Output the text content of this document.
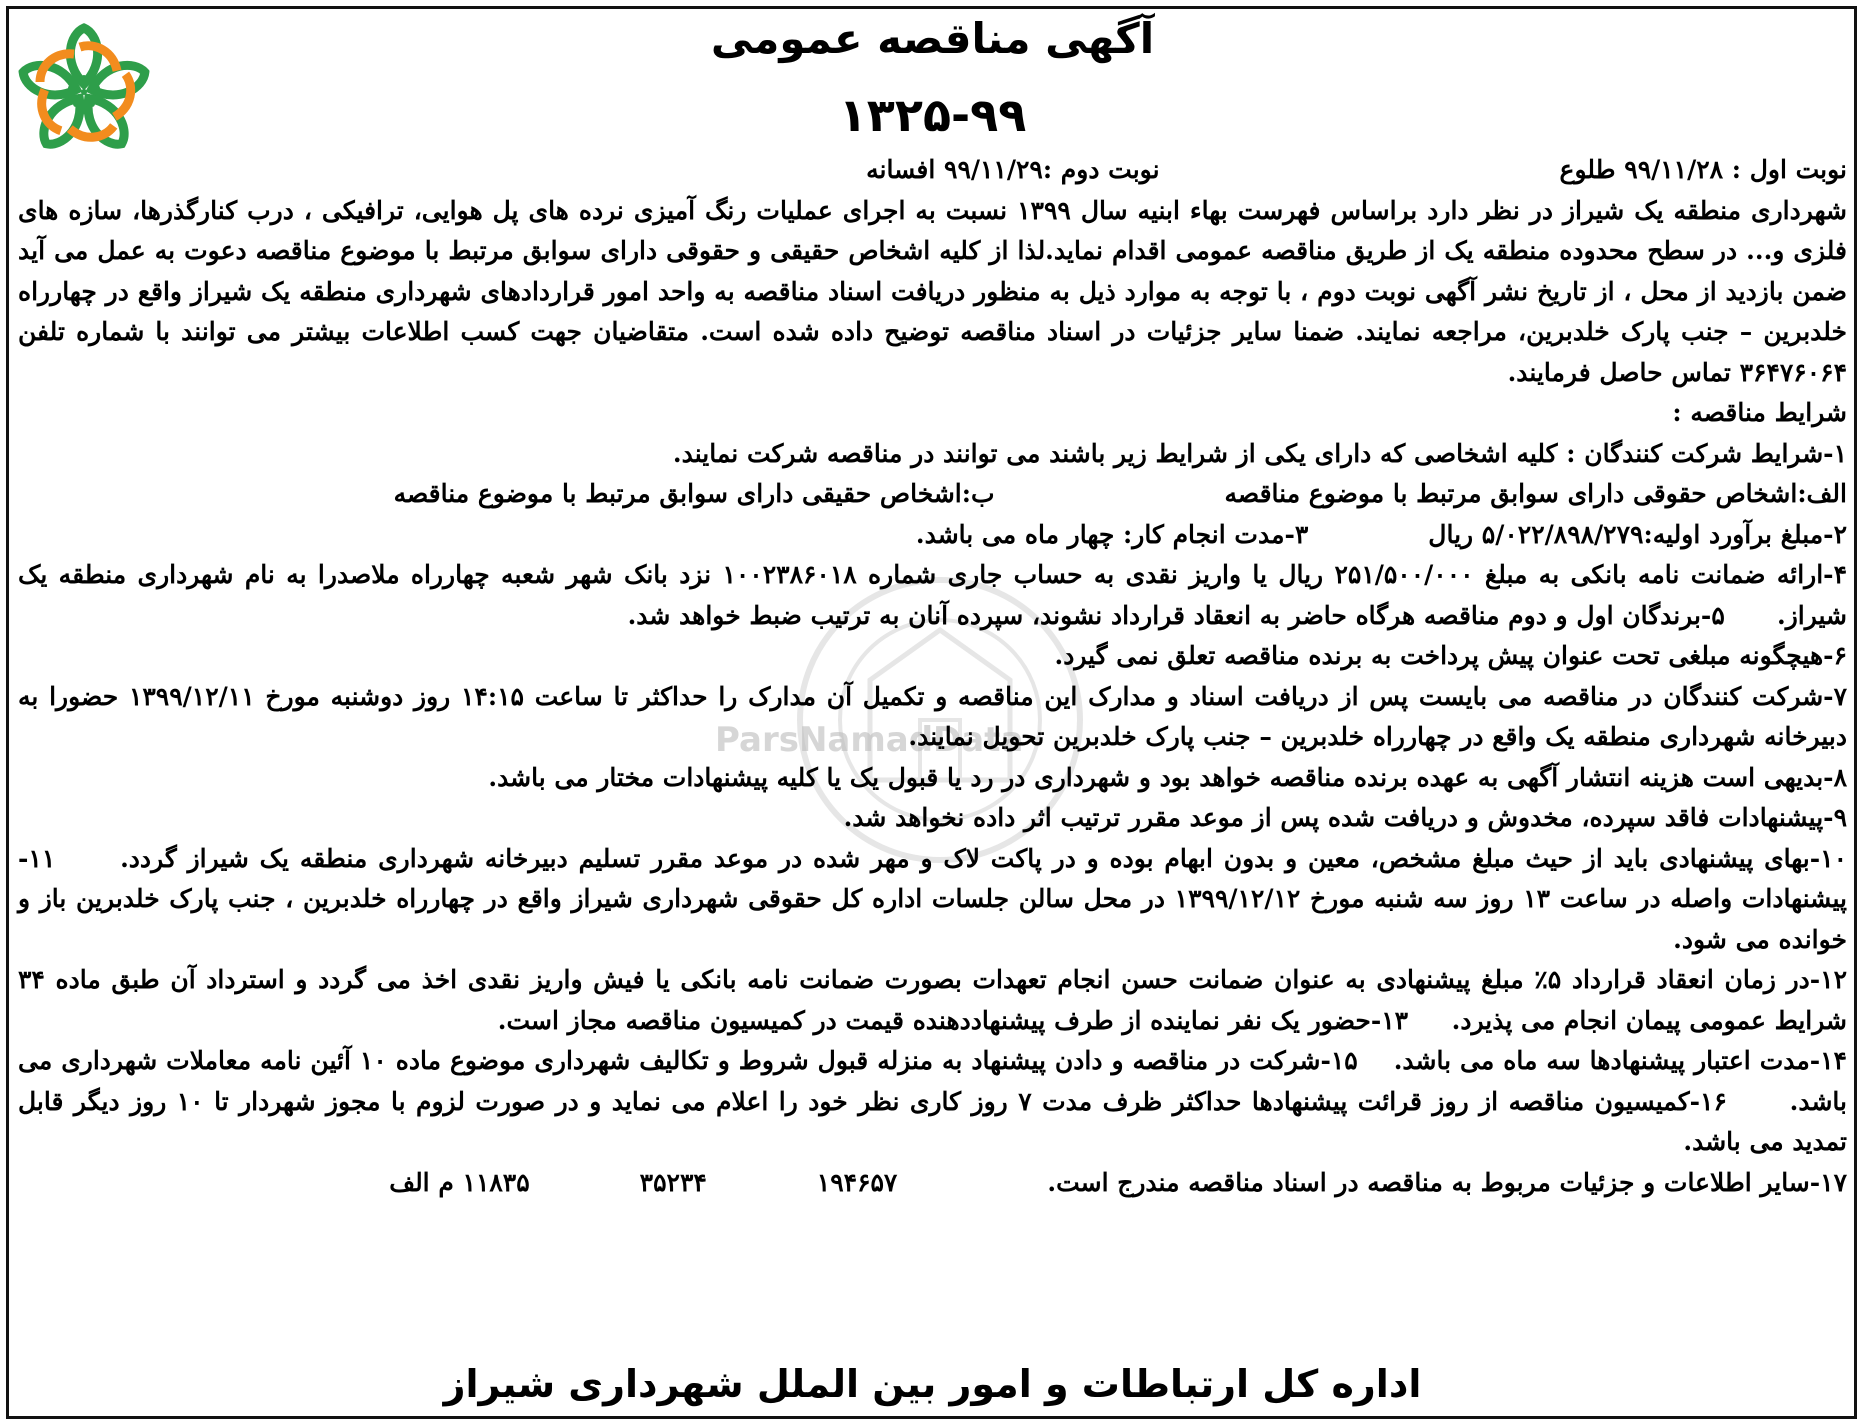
ParsNamadData
آگهی مناقصه عمومی
۱۳۲۵-۹۹

نوبت اول : ۹۹/۱۱/۲۸ طلوع
نوبت دوم :۹۹/۱۱/۲۹ افسانه

شهرداری منطقه یک شیراز در نظر دارد براساس فهرست بهاء ابنیه سال ۱۳۹۹ نسبت به اجرای عملیات رنگ آمیزی نرده های پل هوایی، ترافیکی ، درب کنارگذرها، سازه های فلزی و... در سطح محدوده منطقه یک از طریق مناقصه عمومی اقدام نماید.لذا از کلیه اشخاص حقیقی و حقوقی دارای سوابق مرتبط با موضوع مناقصه دعوت به عمل می آید ضمن بازدید از محل ، از تاریخ نشر آگهی نوبت دوم ، با توجه به موارد ذیل به منظور دریافت اسناد مناقصه به واحد امور قراردادهای شهرداری منطقه یک شیراز واقع در چهارراه خلدبرین – جنب پارک خلدبرین، مراجعه نمایند. ضمنا سایر جزئیات در اسناد مناقصه توضیح داده شده است. متقاضیان جهت کسب اطلاعات بیشتر می توانند با شماره تلفن ۳۶۴۷۶۰۶۴ تماس حاصل فرمایند.

شرایط مناقصه :

۱-شرایط شرکت کنندگان : کلیه اشخاصی که دارای یکی از شرایط زیر باشند می توانند در مناقصه شرکت نمایند.

الف:اشخاص حقوقی دارای سوابق مرتبط با موضوع مناقصه
ب:اشخاص حقیقی دارای سوابق مرتبط با موضوع مناقصه

۲-مبلغ برآورد اولیه:۵/۰۲۲/۸۹۸/۲۷۹ ریال
۳-مدت انجام کار: چهار ماه می باشد.

۴-ارائه ضمانت نامه بانکی به مبلغ ۲۵۱/۵۰۰/۰۰۰ ریال یا واریز نقدی به حساب جاری شماره ۱۰۰۲۳۸۶۰۱۸ نزد بانک شهر شعبه چهارراه ملاصدرا به نام شهرداری منطقه یک شیراز.      ۵-برندگان اول و دوم مناقصه هرگاه حاضر به انعقاد قرارداد نشوند، سپرده آنان به ترتیب ضبط خواهد شد.

۶-هیچگونه مبلغی تحت عنوان پیش پرداخت به برنده مناقصه تعلق نمی گیرد.

۷-شرکت کنندگان در مناقصه می بایست پس از دریافت اسناد و مدارک این مناقصه و تکمیل آن مدارک را حداکثر تا ساعت ۱۴:۱۵ روز دوشنبه مورخ ۱۳۹۹/۱۲/۱۱ حضورا به دبیرخانه شهرداری منطقه یک واقع در چهارراه خلدبرین – جنب پارک خلدبرین تحویل نمایند.

۸-بدیهی است هزینه انتشار آگهی به عهده برنده مناقصه خواهد بود و شهرداری در رد یا قبول یک یا کلیه پیشنهادات مختار می باشد.

۹-پیشنهادات فاقد سپرده، مخدوش و دریافت شده پس از موعد مقرر ترتیب اثر داده نخواهد شد.

۱۰-بهای پیشنهادی باید از حیث مبلغ مشخص، معین و بدون ابهام بوده و در پاکت لاک و مهر شده در موعد مقرر تسلیم دبیرخانه شهرداری منطقه یک شیراز گردد.      ۱۱-پیشنهادات واصله در ساعت ۱۳ روز سه شنبه مورخ ۱۳۹۹/۱۲/۱۲ در محل سالن جلسات اداره کل حقوقی شهرداری شیراز واقع در چهارراه خلدبرین ، جنب پارک خلدبرین باز و خوانده می شود.

۱۲-در زمان انعقاد قرارداد ۵٪ مبلغ پیشنهادی به عنوان ضمانت حسن انجام تعهدات بصورت ضمانت نامه بانکی یا فیش واریز نقدی اخذ می گردد و استرداد آن طبق ماده ۳۴ شرایط عمومی پیمان انجام می پذیرد.     ۱۳-حضور یک نفر نماینده از طرف پیشنهاددهنده قیمت در کمیسیون مناقصه مجاز است.

۱۴-مدت اعتبار پیشنهادها سه ماه می باشد.    ۱۵-شرکت در مناقصه و دادن پیشنهاد به منزله قبول شروط و تکالیف شهرداری موضوع ماده ۱۰ آئین نامه معاملات شهرداری می باشد.      ۱۶-کمیسیون مناقصه از روز قرائت پیشنهادها حداکثر ظرف مدت ۷ روز کاری نظر خود را اعلام می نماید و در صورت لزوم با مجوز شهردار تا ۱۰ روز دیگر قابل تمدید می باشد.

۱۷-سایر اطلاعات و جزئیات مربوط به مناقصه در اسناد مناقصه مندرج است.
۱۹۴۶۵۷
۳۵۲۳۴
۱۱۸۳۵ م الف

اداره کل ارتباطات و امور بین الملل شهرداری شیراز
